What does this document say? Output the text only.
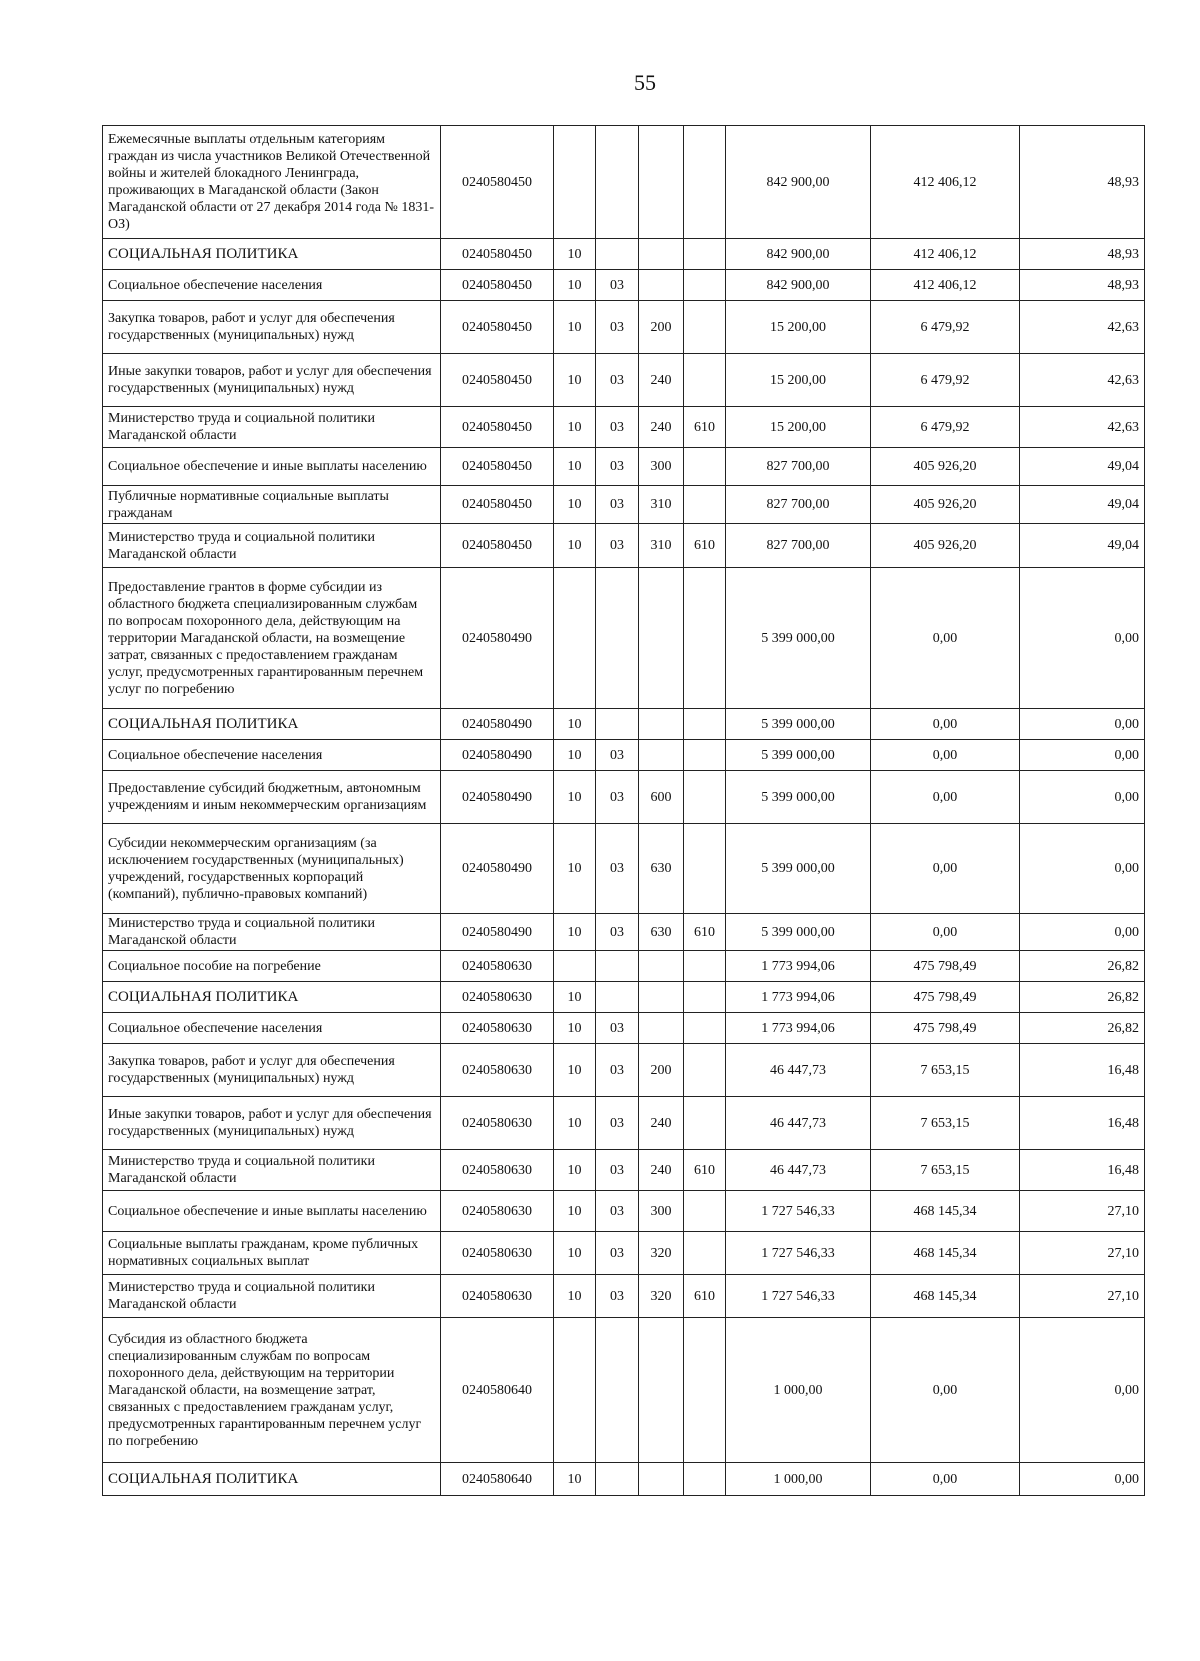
55
Ежемесячные выплаты отдельным категориям граждан из числа участников Великой Отечественной войны и жителей блокадного Ленинграда, проживающих в Магаданской области (Закон Магаданской области от 27 декабря 2014 года № 1831-ОЗ)	0240580450					842 900,00	412 406,12	48,93
СОЦИАЛЬНАЯ ПОЛИТИКА	0240580450	10				842 900,00	412 406,12	48,93
Социальное обеспечение населения	0240580450	10	03			842 900,00	412 406,12	48,93
Закупка товаров, работ и услуг для обеспечения государственных (муниципальных) нужд	0240580450	10	03	200		15 200,00	6 479,92	42,63
Иные закупки товаров, работ и услуг для обеспечения государственных (муниципальных) нужд	0240580450	10	03	240		15 200,00	6 479,92	42,63
Министерство труда и социальной политики Магаданской области	0240580450	10	03	240	610	15 200,00	6 479,92	42,63
Социальное обеспечение и иные выплаты населению	0240580450	10	03	300		827 700,00	405 926,20	49,04
Публичные нормативные социальные выплаты гражданам	0240580450	10	03	310		827 700,00	405 926,20	49,04
Министерство труда и социальной политики Магаданской области	0240580450	10	03	310	610	827 700,00	405 926,20	49,04
Предоставление грантов в форме субсидии из областного бюджета специализированным службам по вопросам похоронного дела, действующим на территории Магаданской области, на возмещение затрат, связанных с предоставлением гражданам услуг, предусмотренных гарантированным перечнем услуг по погребению	0240580490					5 399 000,00	0,00	0,00
СОЦИАЛЬНАЯ ПОЛИТИКА	0240580490	10				5 399 000,00	0,00	0,00
Социальное обеспечение населения	0240580490	10	03			5 399 000,00	0,00	0,00
Предоставление субсидий бюджетным, автономным учреждениям и иным некоммерческим организациям	0240580490	10	03	600		5 399 000,00	0,00	0,00
Субсидии некоммерческим организациям (за исключением государственных (муниципальных) учреждений, государственных корпораций (компаний), публично-правовых компаний)	0240580490	10	03	630		5 399 000,00	0,00	0,00
Министерство труда и социальной политики Магаданской области	0240580490	10	03	630	610	5 399 000,00	0,00	0,00
Социальное пособие на погребение	0240580630					1 773 994,06	475 798,49	26,82
СОЦИАЛЬНАЯ ПОЛИТИКА	0240580630	10				1 773 994,06	475 798,49	26,82
Социальное обеспечение населения	0240580630	10	03			1 773 994,06	475 798,49	26,82
Закупка товаров, работ и услуг для обеспечения государственных (муниципальных) нужд	0240580630	10	03	200		46 447,73	7 653,15	16,48
Иные закупки товаров, работ и услуг для обеспечения государственных (муниципальных) нужд	0240580630	10	03	240		46 447,73	7 653,15	16,48
Министерство труда и социальной политики Магаданской области	0240580630	10	03	240	610	46 447,73	7 653,15	16,48
Социальное обеспечение и иные выплаты населению	0240580630	10	03	300		1 727 546,33	468 145,34	27,10
Социальные выплаты гражданам, кроме публичных нормативных социальных выплат	0240580630	10	03	320		1 727 546,33	468 145,34	27,10
Министерство труда и социальной политики Магаданской области	0240580630	10	03	320	610	1 727 546,33	468 145,34	27,10
Субсидия из областного бюджета специализированным службам по вопросам похоронного дела, действующим на территории Магаданской области, на возмещение затрат, связанных с предоставлением гражданам услуг, предусмотренных гарантированным перечнем услуг по погребению	0240580640					1 000,00	0,00	0,00
СОЦИАЛЬНАЯ ПОЛИТИКА	0240580640	10				1 000,00	0,00	0,00
